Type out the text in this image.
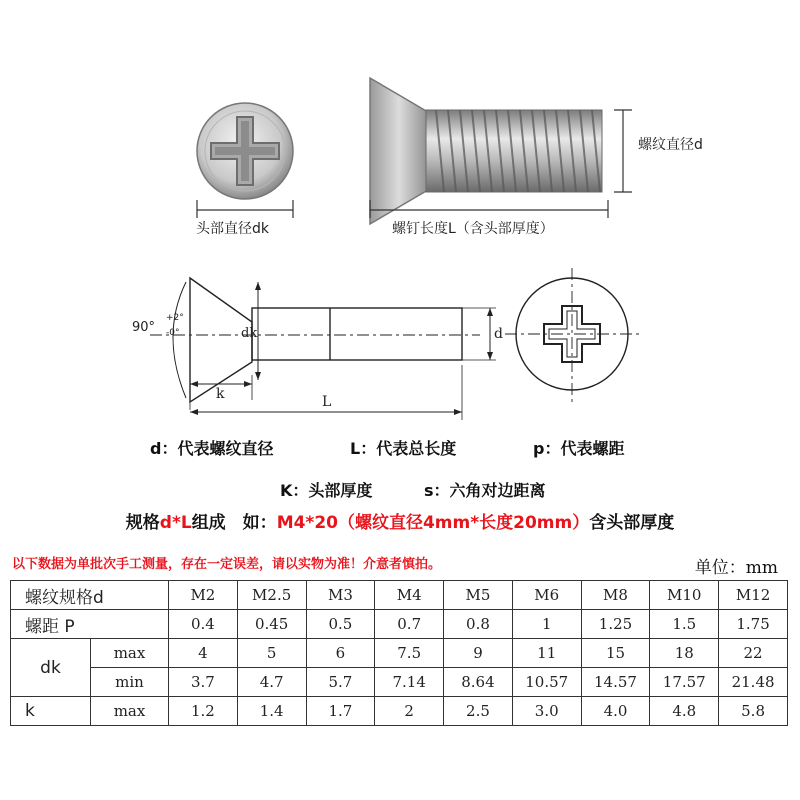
头部直径dk	螺钉长度L（含头部厚度）
螺纹直径d
90°
+2°
-0°	dk	d
k	L
d：代表螺纹直径	L：代表总长度	p：代表螺距
K：头部厚度	s：六角对边距离
规格d*L组成　如：M4*20（螺纹直径4mm*长度20mm）含头部厚度
以下数据为单批次手工测量，存在一定误差，请以实物为准！介意者慎拍。	单位：mm
螺纹规格d		M2	M2.5	M3	M4	M5	M6	M8	M10	M12
螺距 P		0.4	0.45	0.5	0.7	0.8	1	1.25	1.5	1.75
dk	max	4	5	6	7.5	9	11	15	18	22
	min	3.7	4.7	5.7	7.14	8.64	10.57	14.57	17.57	21.48
k	max	1.2	1.4	1.7	2	2.5	3.0	4.0	4.8	5.8
